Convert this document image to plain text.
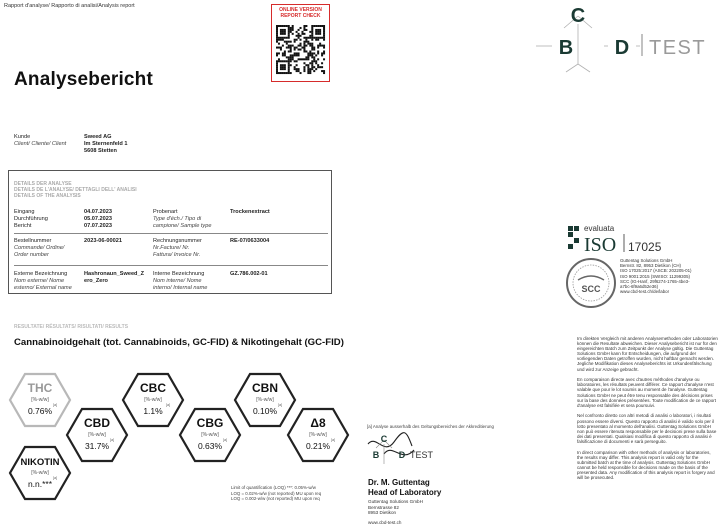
Rapport d'analyse/ Rapporto di analisi/Analysis report
ONLINE VERSION
REPORT CHECK
Analysebericht
C
B D TEST
Kunde
Client/ Cliente/ Client
Sweed AG
Im Sternenfeld 1
5608 Stetten
DETAILS DER ANALYSE
DETAILS DE L'ANALYSE/ DETTAGLI DELL' ANALISI
DETAILS OF THE ANALYSIS
Eingang
Durchführung
Bericht
04.07.2023
05.07.2023
07.07.2023
Probenart
Type d'éch./ Tipo di
campione/ Sample type
Trockenextract
Bestellnummer
Commande/ Ordine/
Order number
2023-06-00021	Rechnungsnummer
Nr.Facture/ Nr.
Fattura/ Invoice Nr.
RE-07/0633004
Externe Bezeichnung
Nom externe/ Nome
esterno/ External name
Hashronaun_Sweed_Z
ero_Zero
Interne Bezeichnung
Nom interne/ Nome
interno/ Internal name
GZ.786.002-01
RESULTATE/ RÉSULTATS/ RISULTATI/ RESULTS
Cannabinoidgehalt (tot. Cannabinoids, GC-FID) & Nikotingehalt (GC-FID)
THC
[%-w/w]
[a]
0.76%
CBD
[%-w/w]
[a]
31.7%
CBC
[%-w/w]
[a]
1.1%
CBG
[%-w/w]
[a]
0.63%
CBN
[%-w/w]
[a]
0.10%
Δ8
[%-w/w]
[a]
0.21%
NIKOTIN
[%-w/w]
[a]
n.n.***	Limit of quantification (LOQ) ***: 0.05%-w/w
LOQ = 0.02%-w/w (not reported) MU upon req
LOQ = 0.002-w/w (not reported) MU upon req
[a] Analyse ausserhalb des Geltungsbereiches der Akkreditierung
C
B D TEST
Dr. M. Guttentag
Head of Laboratory
Guttentag Solutions GmbH
Bernstrasse 82
8953 Dietikon
www.cbd-test.ch
evaluata
ISO 17025
SCC
Guttentag Solutions GmbH
Bernstr. 82, 8953 Dietikon (CH)
ISO 17025:2017 (ASCB: 202205-01)
ISO 9001:2015 (SWISO: 11299305)
SCC (IG-Hanf, 29f6274-1765-4be3-
a7bc-6f9a6d52e36)
www.cbd-test.ch/de/labor

Im direkten Vergleich mit anderen Analysemethoden oder Laboratorien können die Resultate abweichen. Dieser Analysebericht ist nur für den eingereichten Batch zum Zeitpunkt der Analyse gültig. Die Guttentag Solutions GmbH kann für Entscheidungen, die aufgrund der vorliegenden Daten getroffen wurden, nicht haftbar gemacht werden. Jegliche Modifikation dieses Analyseberichts ist Urkundenfälschung und wird zur Anzeige gebracht.

En comparaison directe avec d'autres méthodes d'analyse ou laboratoires, les résultats peuvent différer. Ce rapport d'analyse n'est valable que pour le lot soumis au moment de l'analyse. Guttentag Solutions GmbH ne peut être tenu responsable des décisions prises sur la base des données présentées. Toute modification de ce rapport d'analyse est falsifiée et sera poursuivi.

Nel confronto diretto con altri metodi di analisi o laboratori, i risultati possono essere diversi. Questo rapporto di analisi è valido solo per il lotto presentato al momento dell'analisi. Guttentag Solutions GmbH non può essere ritenuta responsabile per le decisioni prese sulla base dei dati presentati. Qualsiasi modifica di questo rapporto di analisi è falsificazione di documenti e sarà perseguito.

In direct comparison with other methods of analysis or laboratories, the results may differ. This analysis report is valid only for the submitted batch at the time of analysis. Guttentag Solutions GmbH cannot be held responsible for decisions made on the basis of the presented data. Any modification of this analysis report is forgery and will be prosecuted.
